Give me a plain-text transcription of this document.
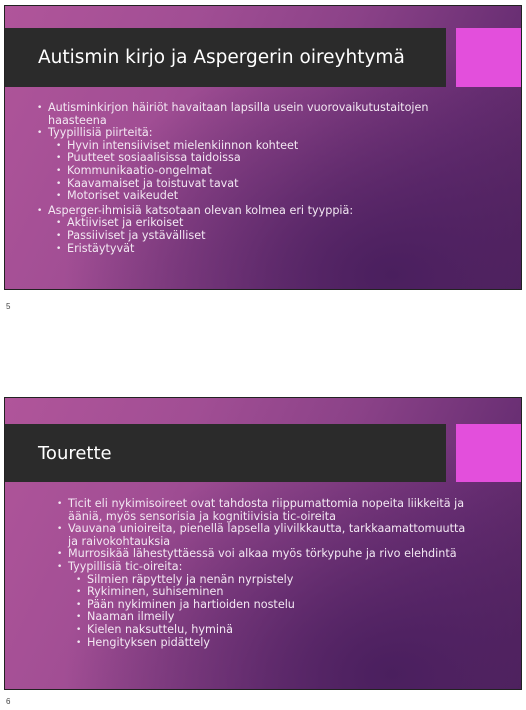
Autismin kirjo ja Aspergerin oireyhtymä
• Autisminkirjon häiriöt havaitaan lapsilla usein vuorovaikutustaitojen haasteena
• Tyypillisiä piirteitä:
• Hyvin intensiiviset mielenkiinnon kohteet
• Puutteet sosiaalisissa taidoissa
• Kommunikaatio-ongelmat
• Kaavamaiset ja toistuvat tavat
• Motoriset vaikeudet
• Asperger-ihmisiä katsotaan olevan kolmea eri tyyppiä:
• Aktiiviset ja erikoiset
• Passiiviset ja ystävälliset
• Eristäytyvät
5
Tourette
• Ticit eli nykimisoireet ovat tahdosta riippumattomia nopeita liikkeitä ja ääniä, myös sensorisia ja kognitiivisia tic-oireita
• Vauvana unioireita, pienellä lapsella ylivilkkautta, tarkkaamattomuutta ja raivokohtauksia
• Murrosikää lähestyttäessä voi alkaa myös törkypuhe ja rivo elehdintä
• Tyypillisiä tic-oireita:
• Silmien räpyttely ja nenän nyrpistely
• Rykiminen, suhiseminen
• Pään nykiminen ja hartioiden nostelu
• Naaman ilmeily
• Kielen naksuttelu, hyminä
• Hengityksen pidättely
6
